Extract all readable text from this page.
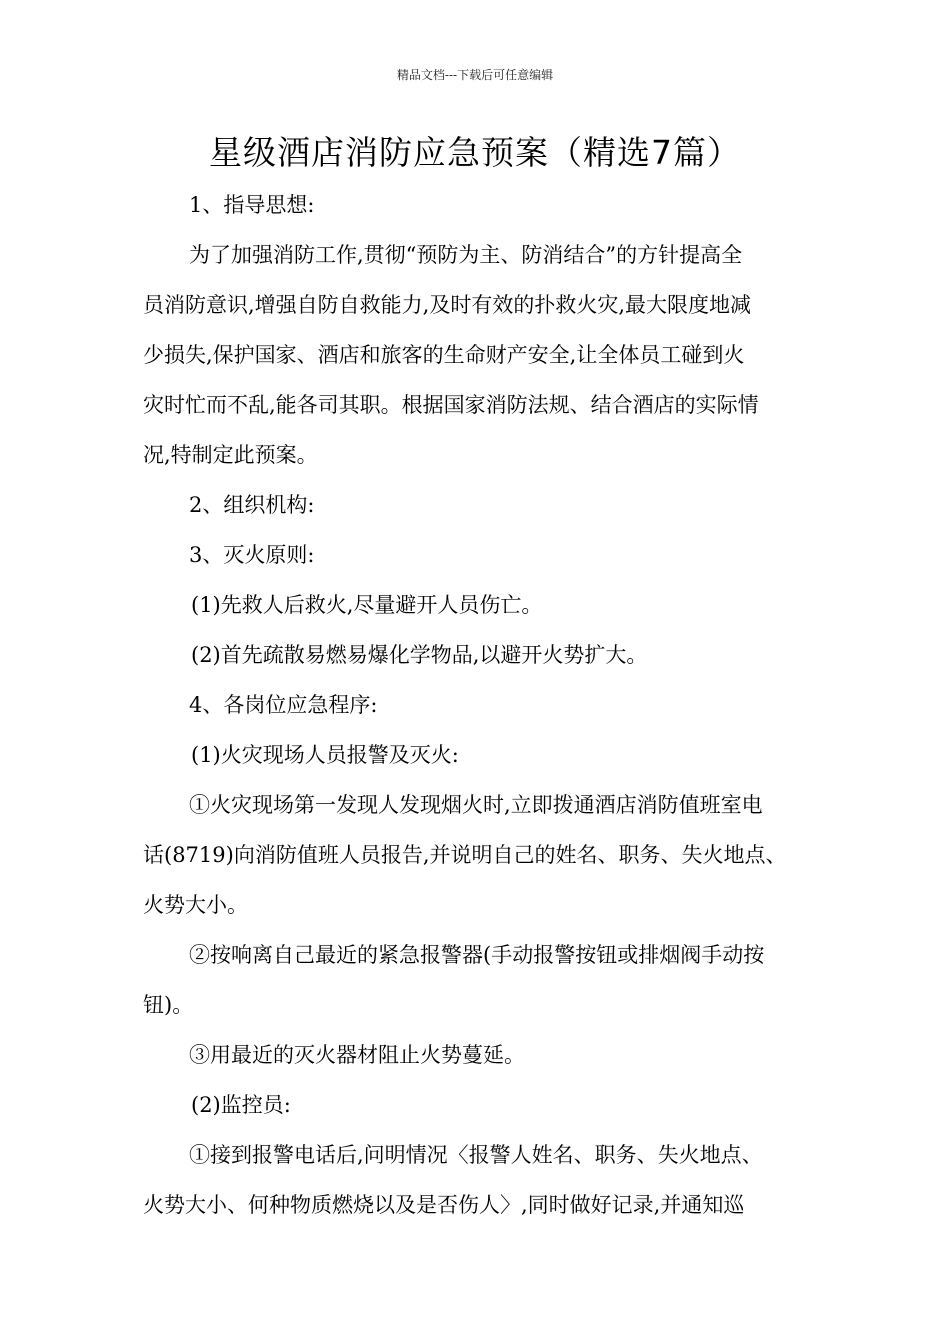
精品文档---下载后可任意编辑
星级酒店消防应急预案（精选7篇）

1、指导思想:

为了加强消防工作,贯彻“预防为主、防消结合”的方针提高全

员消防意识,增强自防自救能力,及时有效的扑救火灾,最大限度地减

少损失,保护国家、酒店和旅客的生命财产安全,让全体员工碰到火

灾时忙而不乱,能各司其职。根据国家消防法规、结合酒店的实际情

况,特制定此预案。

2、组织机构:

3、灭火原则:

(1)先救人后救火,尽量避开人员伤亡。

(2)首先疏散易燃易爆化学物品,以避开火势扩大。

4、各岗位应急程序:

(1)火灾现场人员报警及灭火:

①火灾现场第一发现人发现烟火时,立即拨通酒店消防值班室电

话(8719)向消防值班人员报告,并说明自己的姓名、职务、失火地点、

火势大小。

②按响离自己最近的紧急报警器(手动报警按钮或排烟阀手动按

钮)。

③用最近的灭火器材阻止火势蔓延。

(2)监控员:

①接到报警电话后,问明情况〈报警人姓名、职务、失火地点、

火势大小、何种物质燃烧以及是否伤人〉,同时做好记录,并通知巡
